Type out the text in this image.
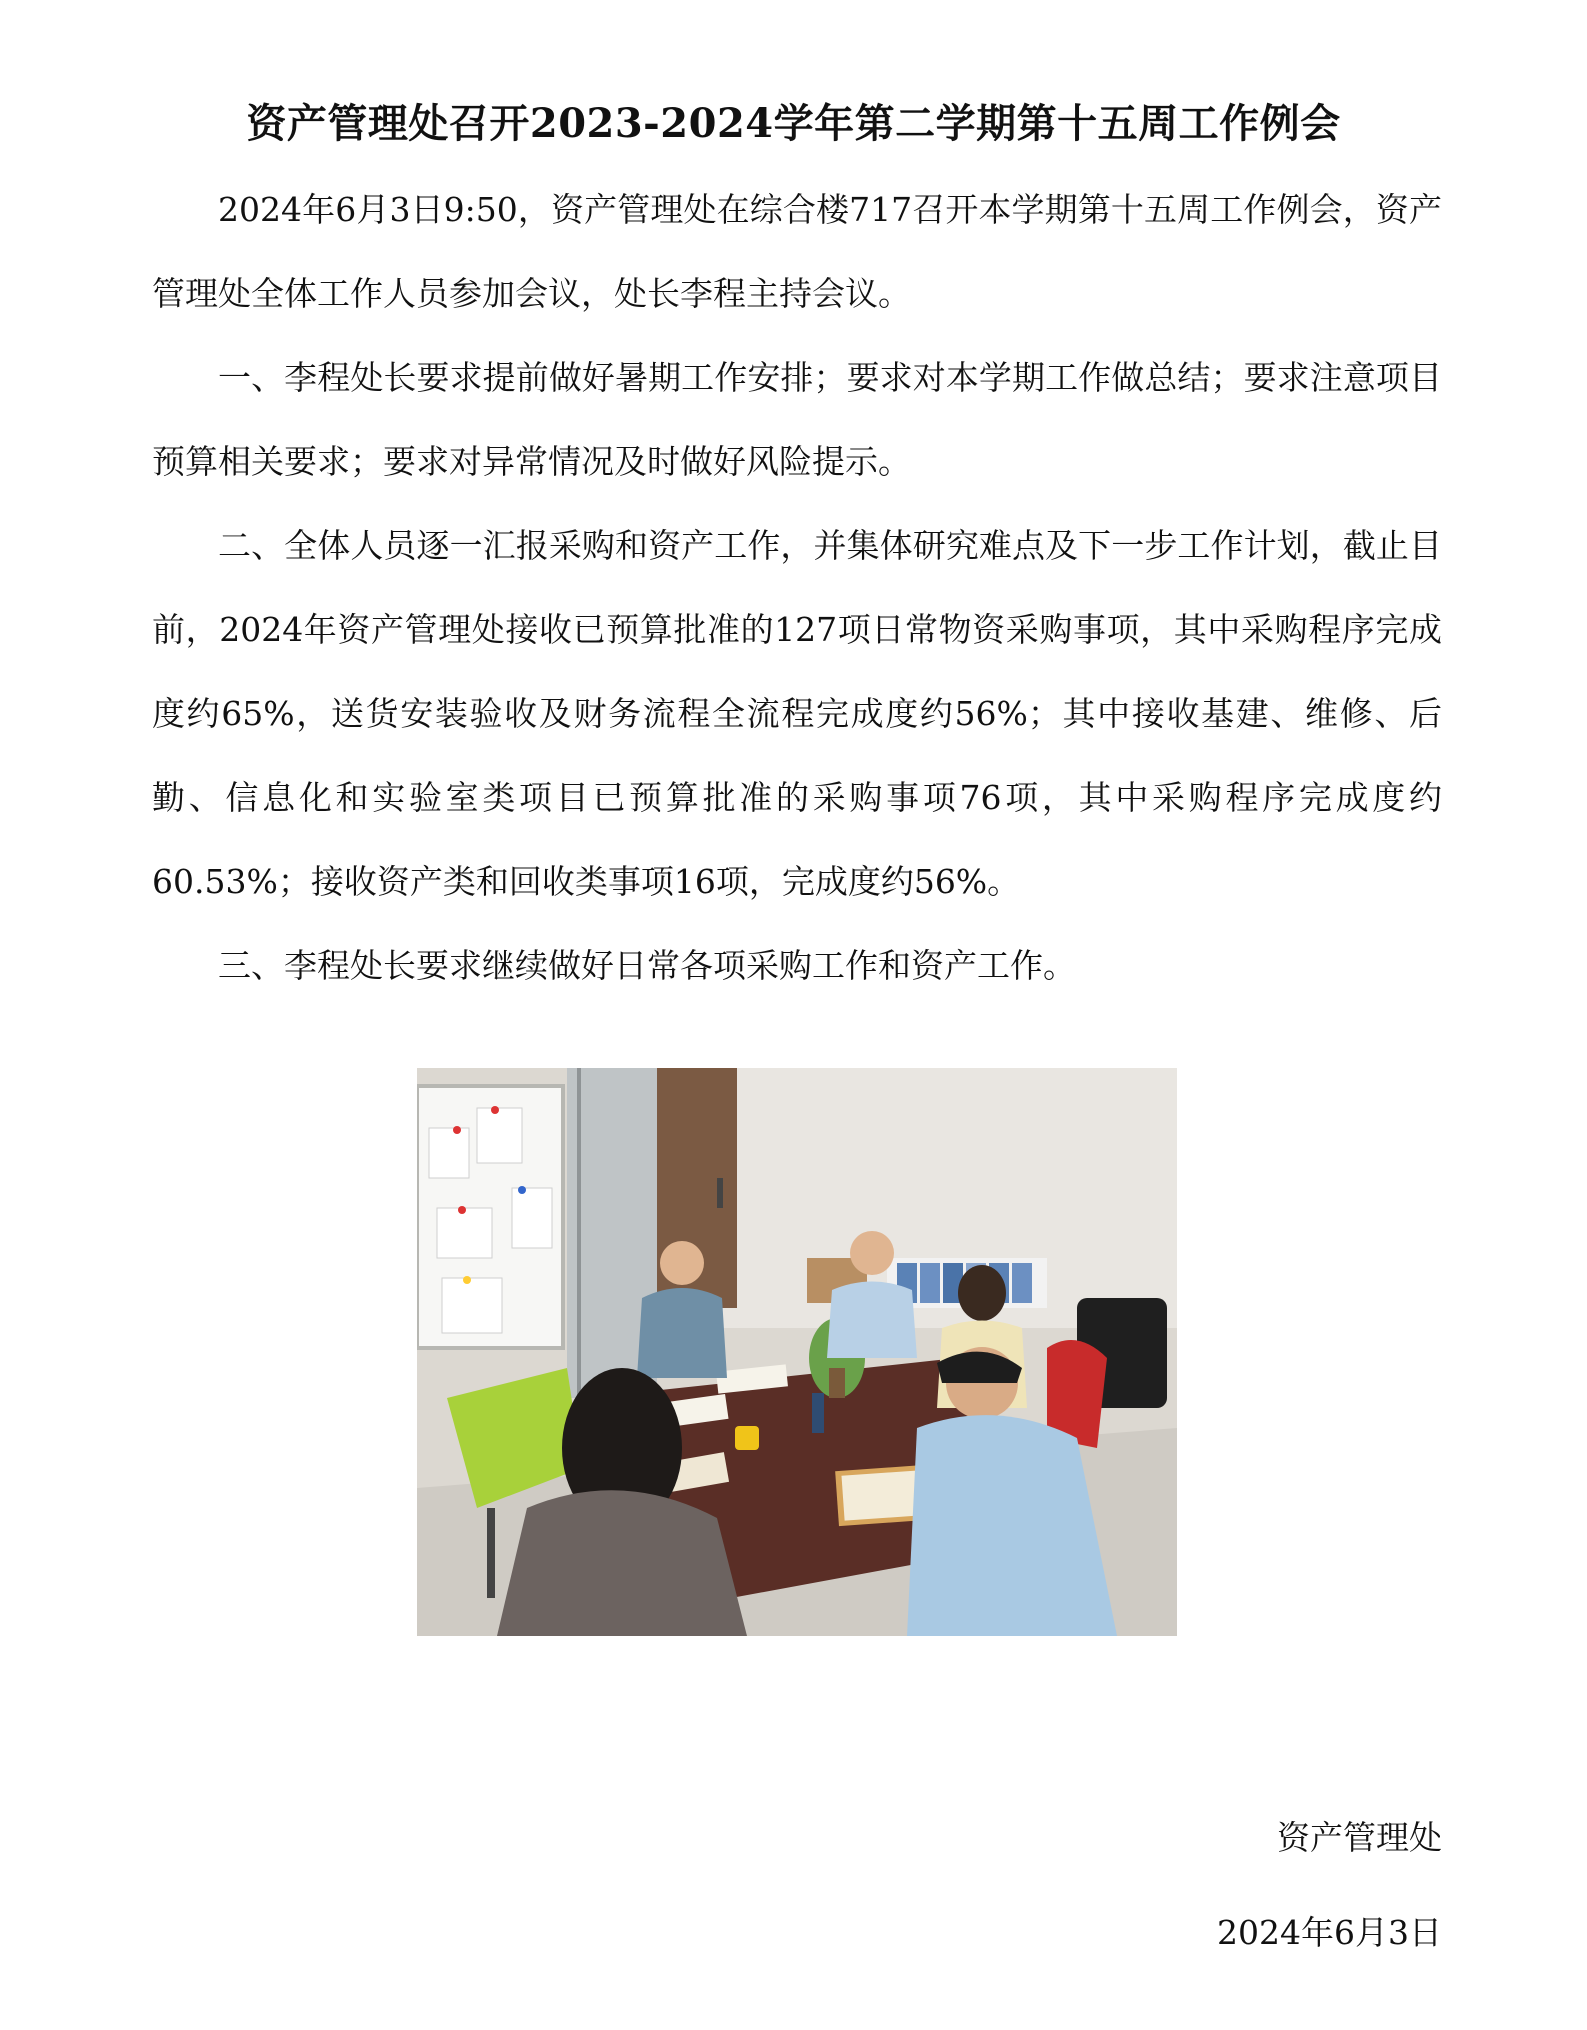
资产管理处召开2023-2024学年第二学期第十五周工作例会

2024年6月3日9:50，资产管理处在综合楼717召开本学期第十五周工作例会，资产管理处全体工作人员参加会议，处长李程主持会议。

一、李程处长要求提前做好暑期工作安排；要求对本学期工作做总结；要求注意项目预算相关要求；要求对异常情况及时做好风险提示。

二、全体人员逐一汇报采购和资产工作，并集体研究难点及下一步工作计划，截止目前，2024年资产管理处接收已预算批准的127项日常物资采购事项，其中采购程序完成度约65%，送货安装验收及财务流程全流程完成度约56%；其中接收基建、维修、后勤、信息化和实验室类项目已预算批准的采购事项76项，其中采购程序完成度约60.53%；接收资产类和回收类事项16项，完成度约56%。

三、李程处长要求继续做好日常各项采购工作和资产工作。

资产管理处
2024年6月3日
